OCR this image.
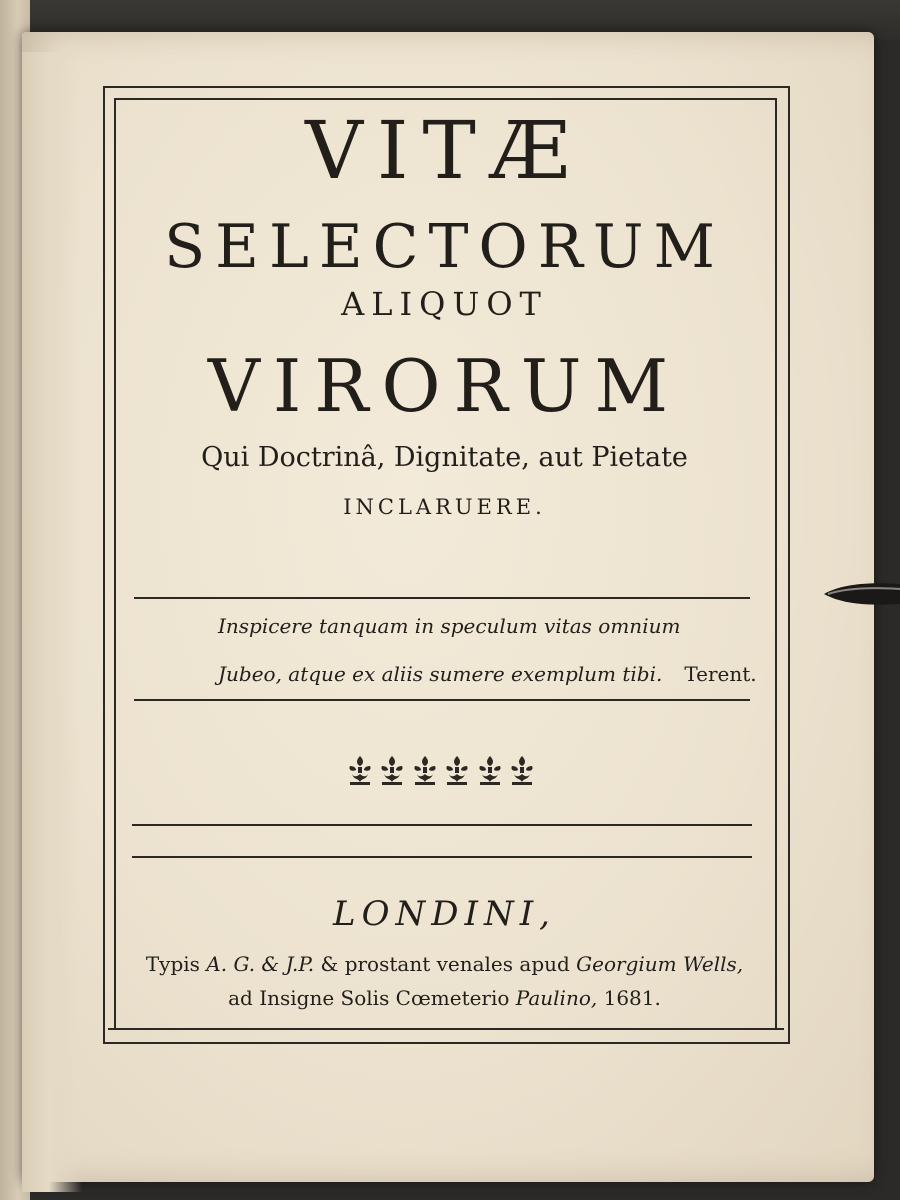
VITÆ
SELECTORUM
ALIQUOT
VIRORUM
Qui Doctrinâ, Dignitate, aut Pietate
INCLARUERE.
Inspicere tanquam in speculum vitas omnium
Jubeo, atque ex aliis sumere exemplum tibi. Terent.
LONDINI,
Typis A. G. & J.P. & prostant venales apud Georgium Wells,
ad Insigne Solis Cœmeterio Paulino, 1681.
